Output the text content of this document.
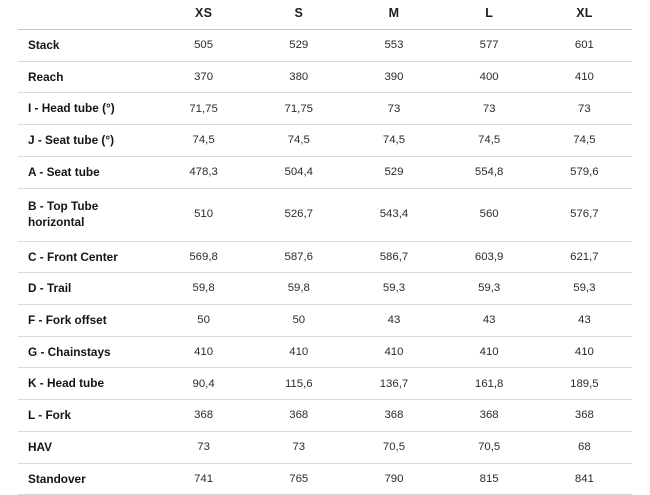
	XS	S	M	L	XL
Stack	505	529	553	577	601
Reach	370	380	390	400	410
I - Head tube (°)	71,75	71,75	73	73	73
J - Seat tube (°)	74,5	74,5	74,5	74,5	74,5
A - Seat tube	478,3	504,4	529	554,8	579,6
B - Top Tube horizontal	510	526,7	543,4	560	576,7
C - Front Center	569,8	587,6	586,7	603,9	621,7
D - Trail	59,8	59,8	59,3	59,3	59,3
F - Fork offset	50	50	43	43	43
G - Chainstays	410	410	410	410	410
K - Head tube	90,4	115,6	136,7	161,8	189,5
L - Fork	368	368	368	368	368
HAV	73	73	70,5	70,5	68
Standover	741	765	790	815	841
